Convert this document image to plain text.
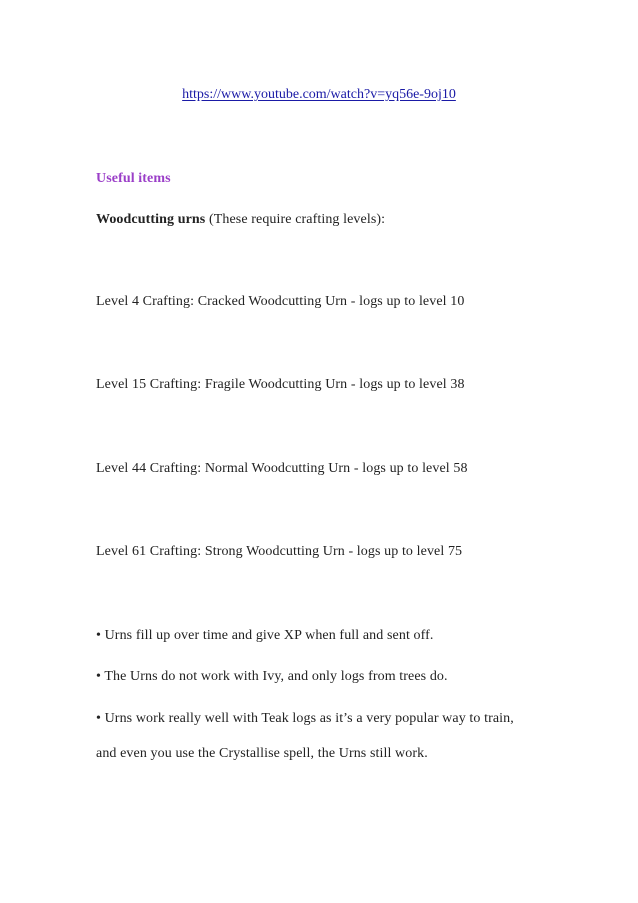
https://www.youtube.com/watch?v=yq56e-9oj10
Useful items
Woodcutting urns (These require crafting levels):
Level 4 Crafting: Cracked Woodcutting Urn - logs up to level 10
Level 15 Crafting: Fragile Woodcutting Urn - logs up to level 38
Level 44 Crafting: Normal Woodcutting Urn - logs up to level 58
Level 61 Crafting: Strong Woodcutting Urn - logs up to level 75
• Urns fill up over time and give XP when full and sent off.
• The Urns do not work with Ivy, and only logs from trees do.
• Urns work really well with Teak logs as it’s a very popular way to train,
and even you use the Crystallise spell, the Urns still work.
